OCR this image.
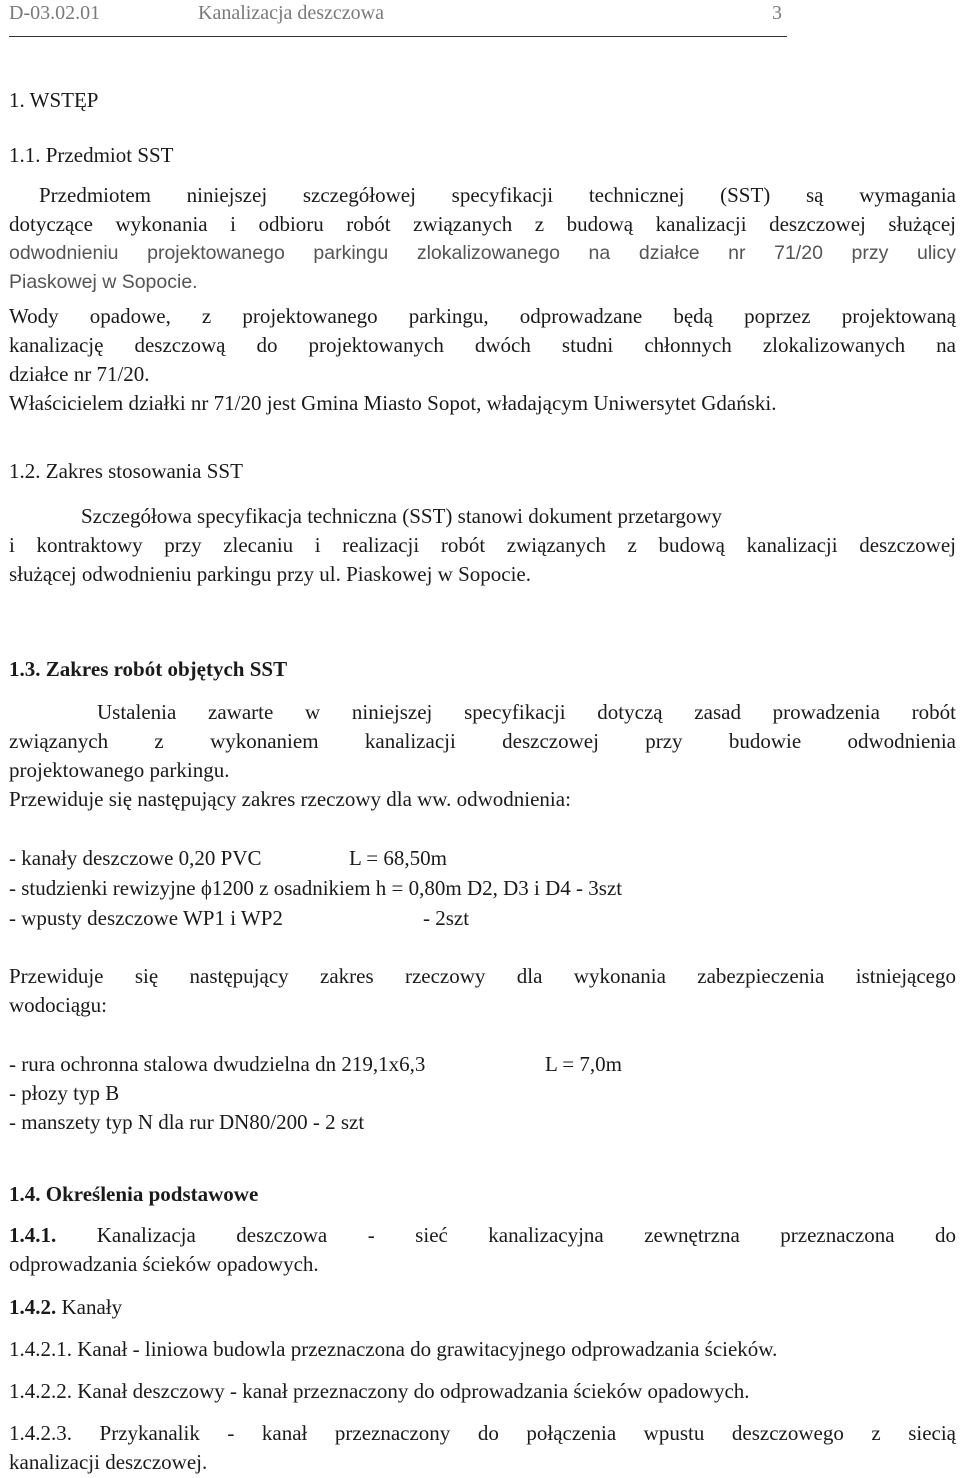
D-03.02.01	Kanalizacja deszczowa	3
1. WSTĘP
1.1. Przedmiot SST
Przedmiotem niniejszej szczegółowej specyfikacji technicznej (SST) są wymagania
dotyczące wykonania i odbioru robót związanych z budową kanalizacji deszczowej służącej
odwodnieniu projektowanego parkingu zlokalizowanego na działce nr 71/20 przy ulicy
Piaskowej w Sopocie.
Wody opadowe, z projektowanego parkingu, odprowadzane będą poprzez projektowaną
kanalizację deszczową do projektowanych dwóch studni chłonnych zlokalizowanych na
działce nr 71/20.
Właścicielem działki nr 71/20 jest Gmina Miasto Sopot, władającym Uniwersytet Gdański.
1.2. Zakres stosowania SST
Szczegółowa specyfikacja techniczna (SST) stanowi dokument przetargowy
i kontraktowy przy zlecaniu i realizacji robót związanych z budową kanalizacji deszczowej
służącej odwodnieniu parkingu przy ul. Piaskowej w Sopocie.
1.3. Zakres robót objętych SST
Ustalenia zawarte w niniejszej specyfikacji dotyczą zasad prowadzenia robót
związanych z wykonaniem kanalizacji deszczowej przy budowie odwodnienia
projektowanego parkingu.
Przewiduje się następujący zakres rzeczowy dla ww. odwodnienia:
- kanały deszczowe 0,20 PVC	L = 68,50m
- studzienki rewizyjne ϕ1200 z osadnikiem h = 0,80m D2, D3 i D4 - 3szt
- wpusty deszczowe WP1 i WP2	- 2szt
Przewiduje się następujący zakres rzeczowy dla wykonania zabezpieczenia istniejącego
wodociągu:
- rura ochronna stalowa dwudzielna dn 219,1x6,3	L = 7,0m
- płozy typ B
- manszety typ N dla rur DN80/200 - 2 szt
1.4. Określenia podstawowe
1.4.1. Kanalizacja deszczowa - sieć kanalizacyjna zewnętrzna przeznaczona do
odprowadzania ścieków opadowych.
1.4.2. Kanały
1.4.2.1. Kanał - liniowa budowla przeznaczona do grawitacyjnego odprowadzania ścieków.
1.4.2.2. Kanał deszczowy - kanał przeznaczony do odprowadzania ścieków opadowych.
1.4.2.3. Przykanalik - kanał przeznaczony do połączenia wpustu deszczowego z siecią
kanalizacji deszczowej.
